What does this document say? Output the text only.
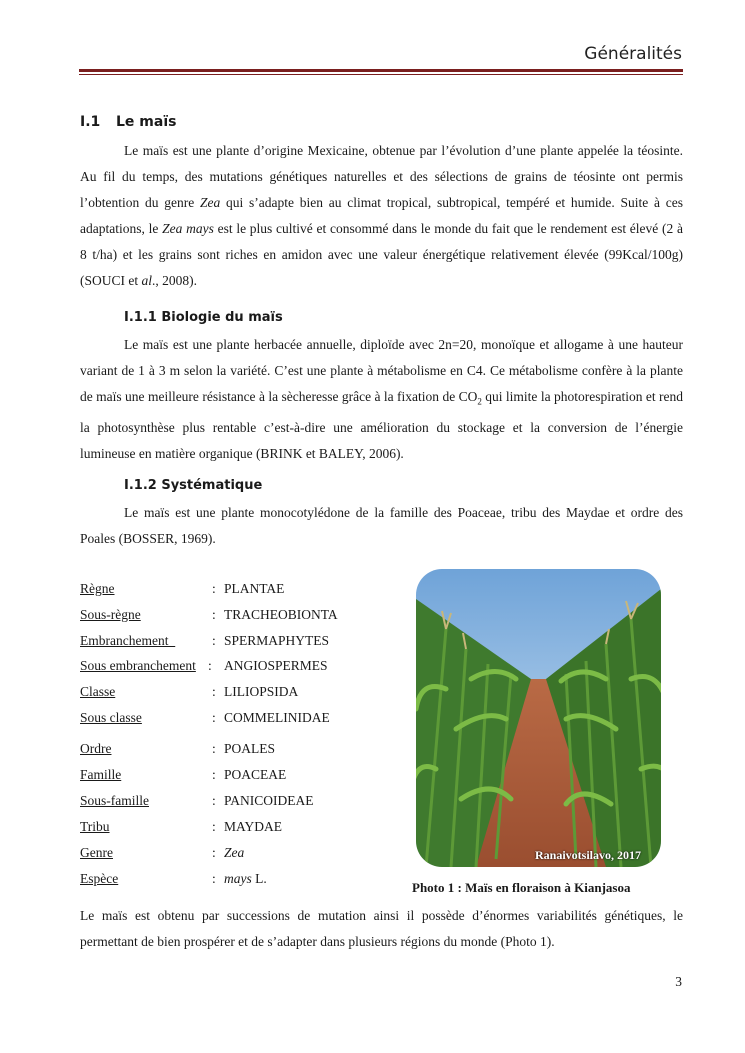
Généralités
I.1 Le maïs
Le maïs est une plante d’origine Mexicaine, obtenue par l’évolution d’une plante appelée la téosinte. Au fil du temps, des mutations génétiques naturelles et des sélections de grains de téosinte ont permis l’obtention du genre Zea qui s’adapte bien au climat tropical, subtropical, tempéré et humide. Suite à ces adaptations, le Zea mays est le plus cultivé et consommé dans le monde du fait que le rendement est élevé (2 à 8 t/ha) et les grains sont riches en amidon avec une valeur énergétique relativement élevée (99Kcal/100g) (SOUCI et al., 2008).
I.1.1 Biologie du maïs
Le maïs est une plante herbacée annuelle, diploïde avec 2n=20, monoïque et allogame à une hauteur variant de 1 à 3 m selon la variété. C’est une plante à métabolisme en C4. Ce métabolisme confère à la plante de maïs une meilleure résistance à la sècheresse grâce à la fixation de $CO_2$ qui limite la photorespiration et rend la photosynthèse plus rentable c’est-à-dire une amélioration du stockage et la conversion de l’énergie lumineuse en matière organique (BRINK et BALEY, 2006).
I.1.2 Systématique
Le maïs est une plante monocotylédone de la famille des Poaceae, tribu des Maydae et ordre des Poales (BOSSER, 1969).
Règne	: PLANTAE
Sous-règne	: TRACHEOBIONTA
Embranchement	: SPERMAPHYTES
Sous embranchement : ANGIOSPERMES
Classe	: LILIOPSIDA
Sous classe	: COMMELINIDAE
Ordre	: POALES
Famille	: POACEAE
Sous-famille	: PANICOIDEAE
Tribu	: MAYDAE
Genre	: Zea
Espèce	: mays L.
Ranaivotsilavo, 2017
Photo 1 : Maïs en floraison à Kianjasoa
Le maïs est obtenu par successions de mutation ainsi il possède d’énormes variabilités génétiques, le permettant de bien prospérer et de s’adapter dans plusieurs régions du monde (Photo 1).
3
